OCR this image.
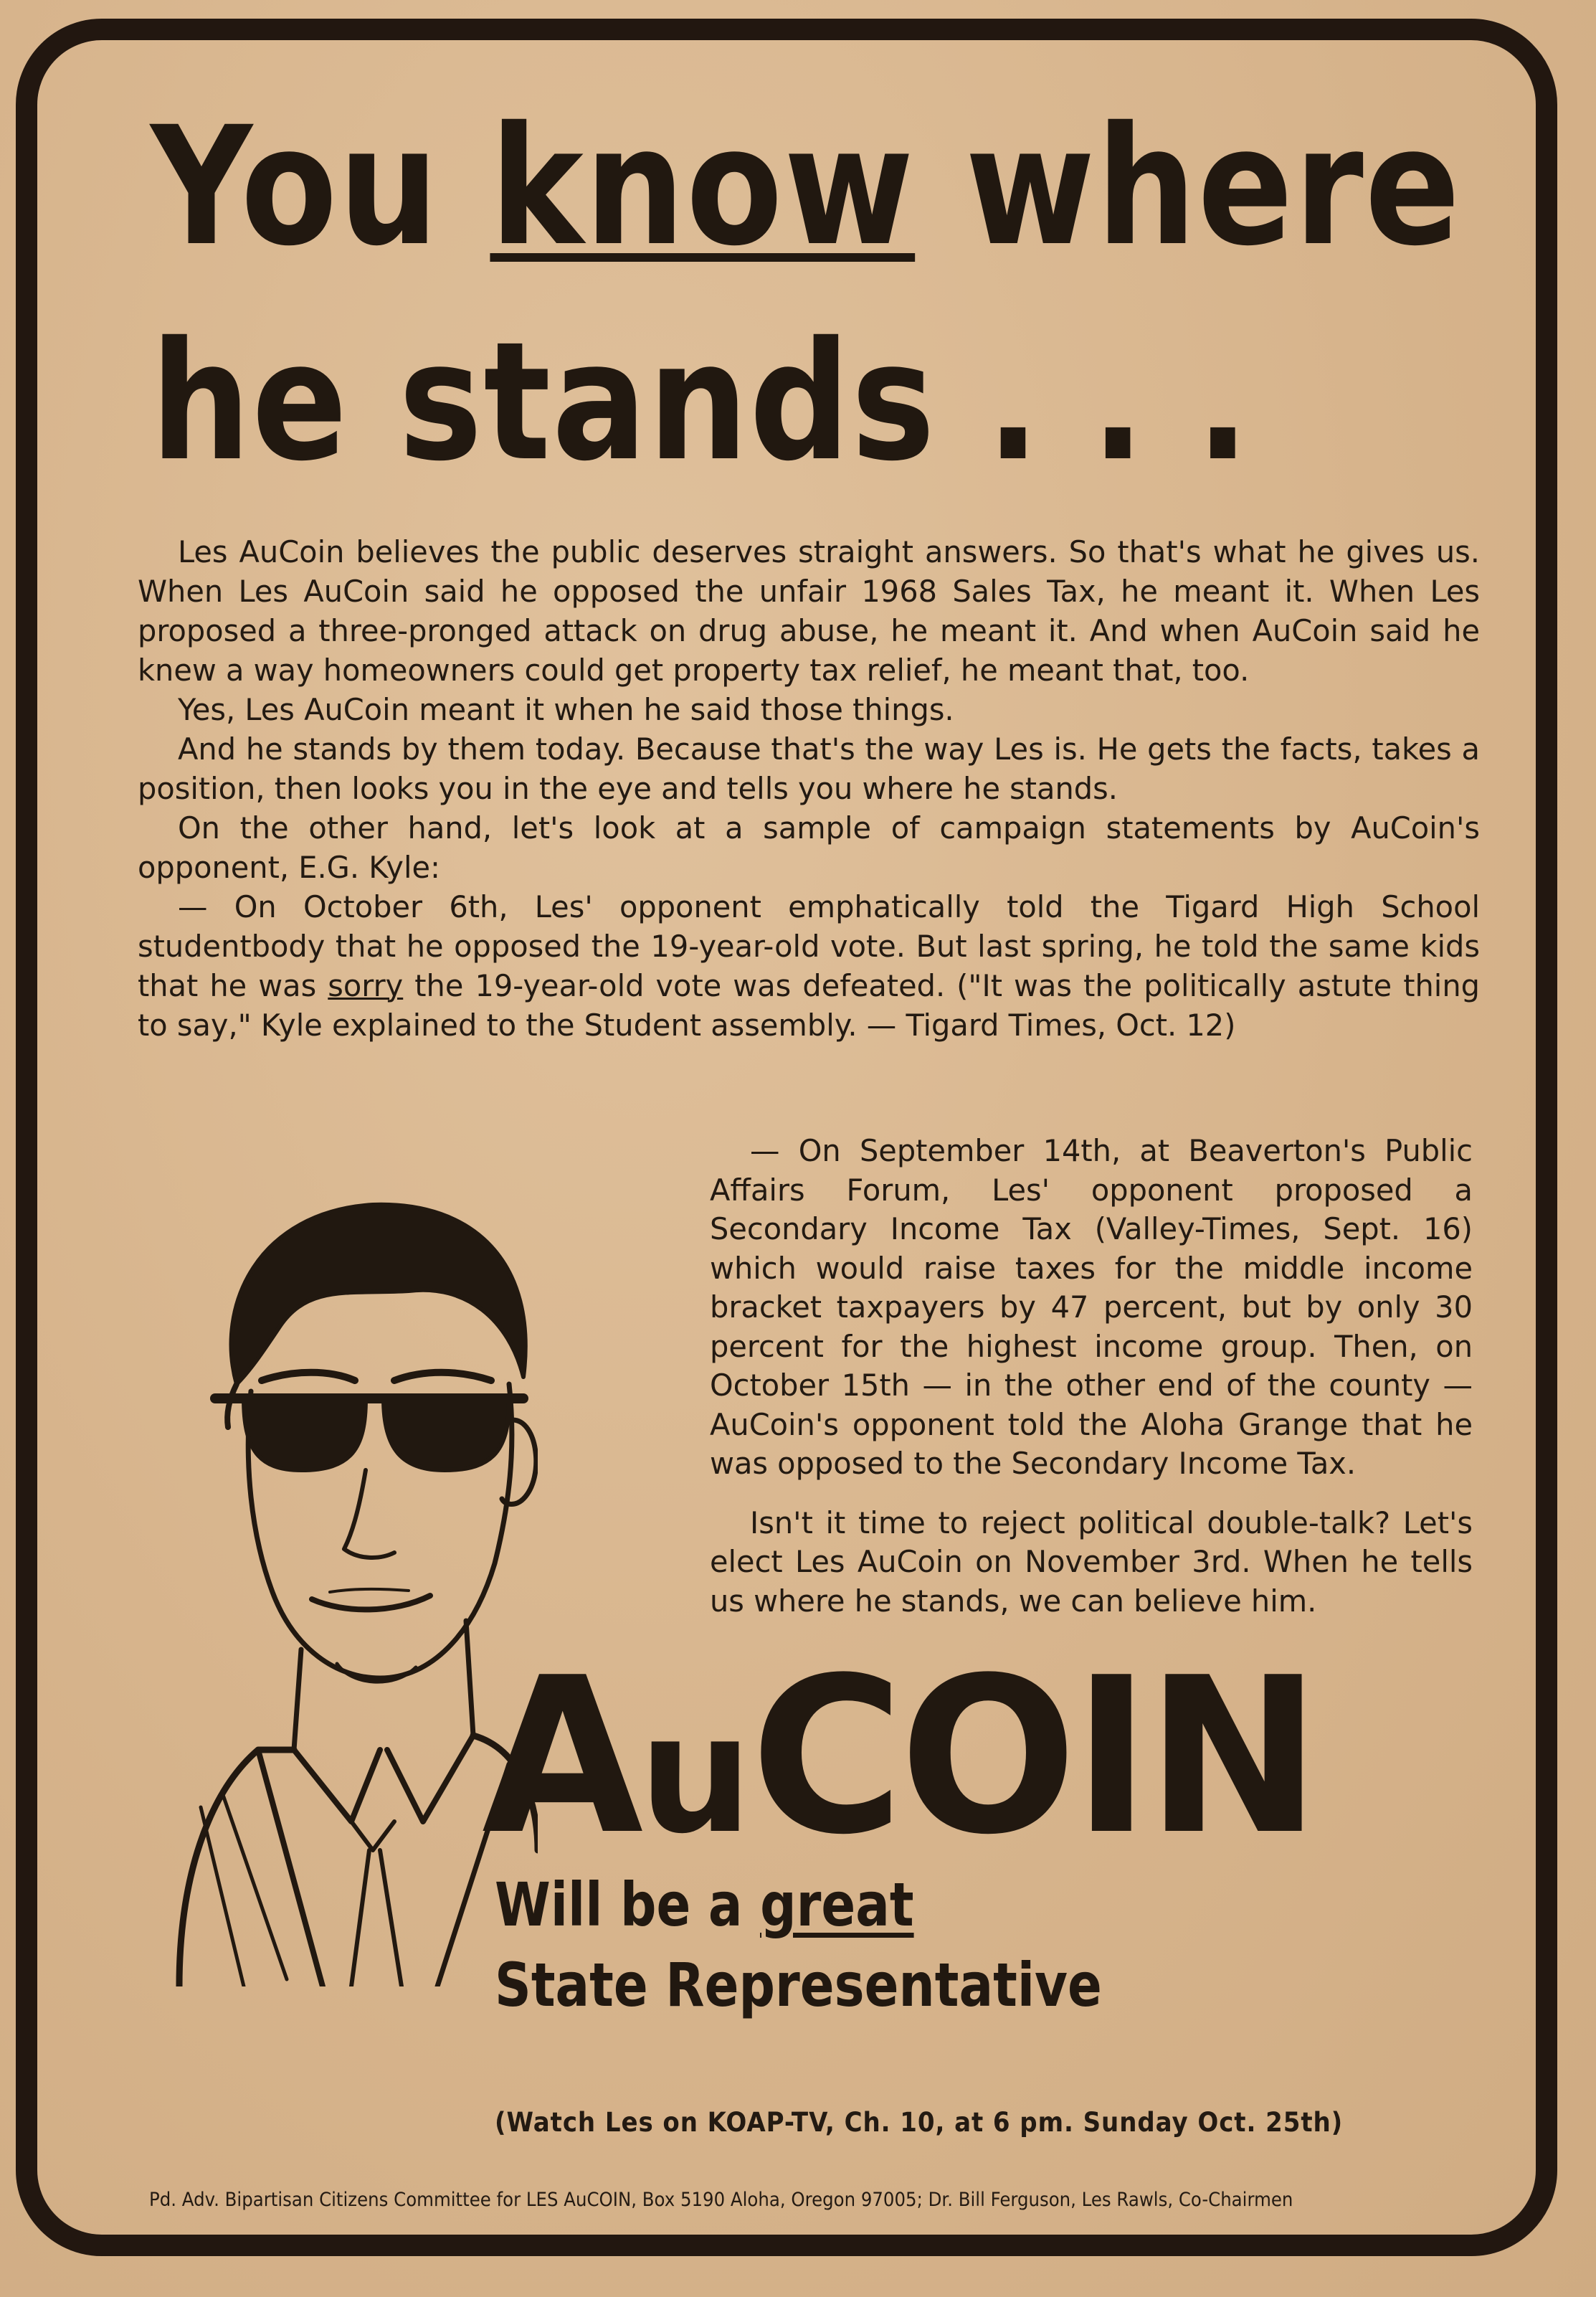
You know where
he stands . . .

Les AuCoin believes the public deserves straight answers. So that's what he gives us. When Les AuCoin said he opposed the unfair 1968 Sales Tax, he meant it. When Les proposed a three-pronged attack on drug abuse, he meant it. And when AuCoin said he knew a way homeowners could get property tax relief, he meant that, too.

Yes, Les AuCoin meant it when he said those things.

And he stands by them today. Because that's the way Les is. He gets the facts, takes a position, then looks you in the eye and tells you where he stands.

On the other hand, let's look at a sample of campaign statements by AuCoin's opponent, E.G. Kyle:

— On October 6th, Les' opponent emphatically told the Tigard High School studentbody that he opposed the 19-year-old vote. But last spring, he told the same kids that he was sorry the 19-year-old vote was defeated. ("It was the politically astute thing to say," Kyle explained to the Student assembly. — Tigard Times, Oct. 12)

— On September 14th, at Beaverton's Public Affairs Forum, Les' opponent proposed a Secondary Income Tax (Valley-Times, Sept. 16) which would raise taxes for the middle income bracket taxpayers by 47 percent, but by only 30 percent for the highest income group. Then, on October 15th — in the other end of the county — AuCoin's opponent told the Aloha Grange that he was opposed to the Secondary Income Tax.

Isn't it time to reject political double-talk? Let's elect Les AuCoin on November 3rd. When he tells us where he stands, we can believe him.

AuCOIN

Will be a great
State Representative

(Watch Les on KOAP-TV, Ch. 10, at 6 pm. Sunday Oct. 25th)

Pd. Adv. Bipartisan Citizens Committee for LES AuCOIN, Box 5190 Aloha, Oregon 97005; Dr. Bill Ferguson, Les Rawls, Co-Chairmen
